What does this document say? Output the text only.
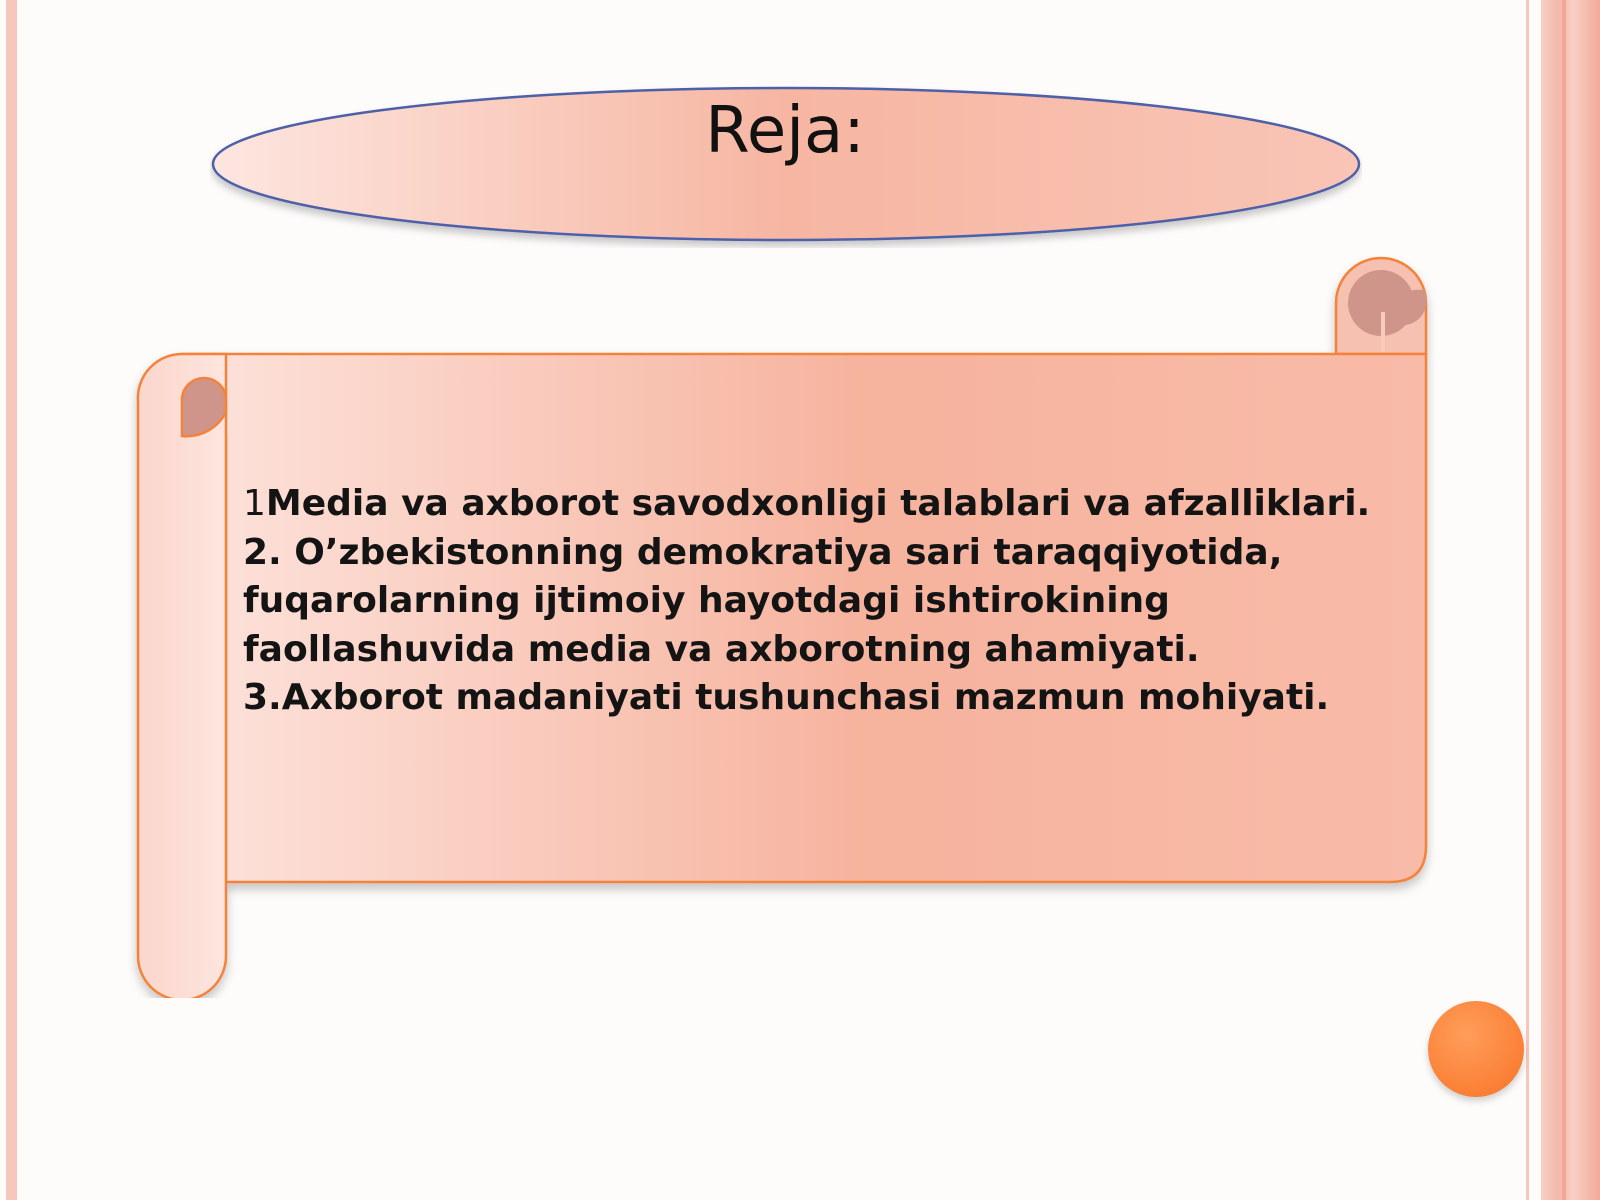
Reja:
1Media va axborot savodxonligi talablari va afzalliklari.
2. O’zbekistonning demokratiya sari taraqqiyotida,
fuqarolarning ijtimoiy hayotdagi ishtirokining
faollashuvida media va axborotning ahamiyati.
3.Axborot madaniyati tushunchasi mazmun mohiyati.
